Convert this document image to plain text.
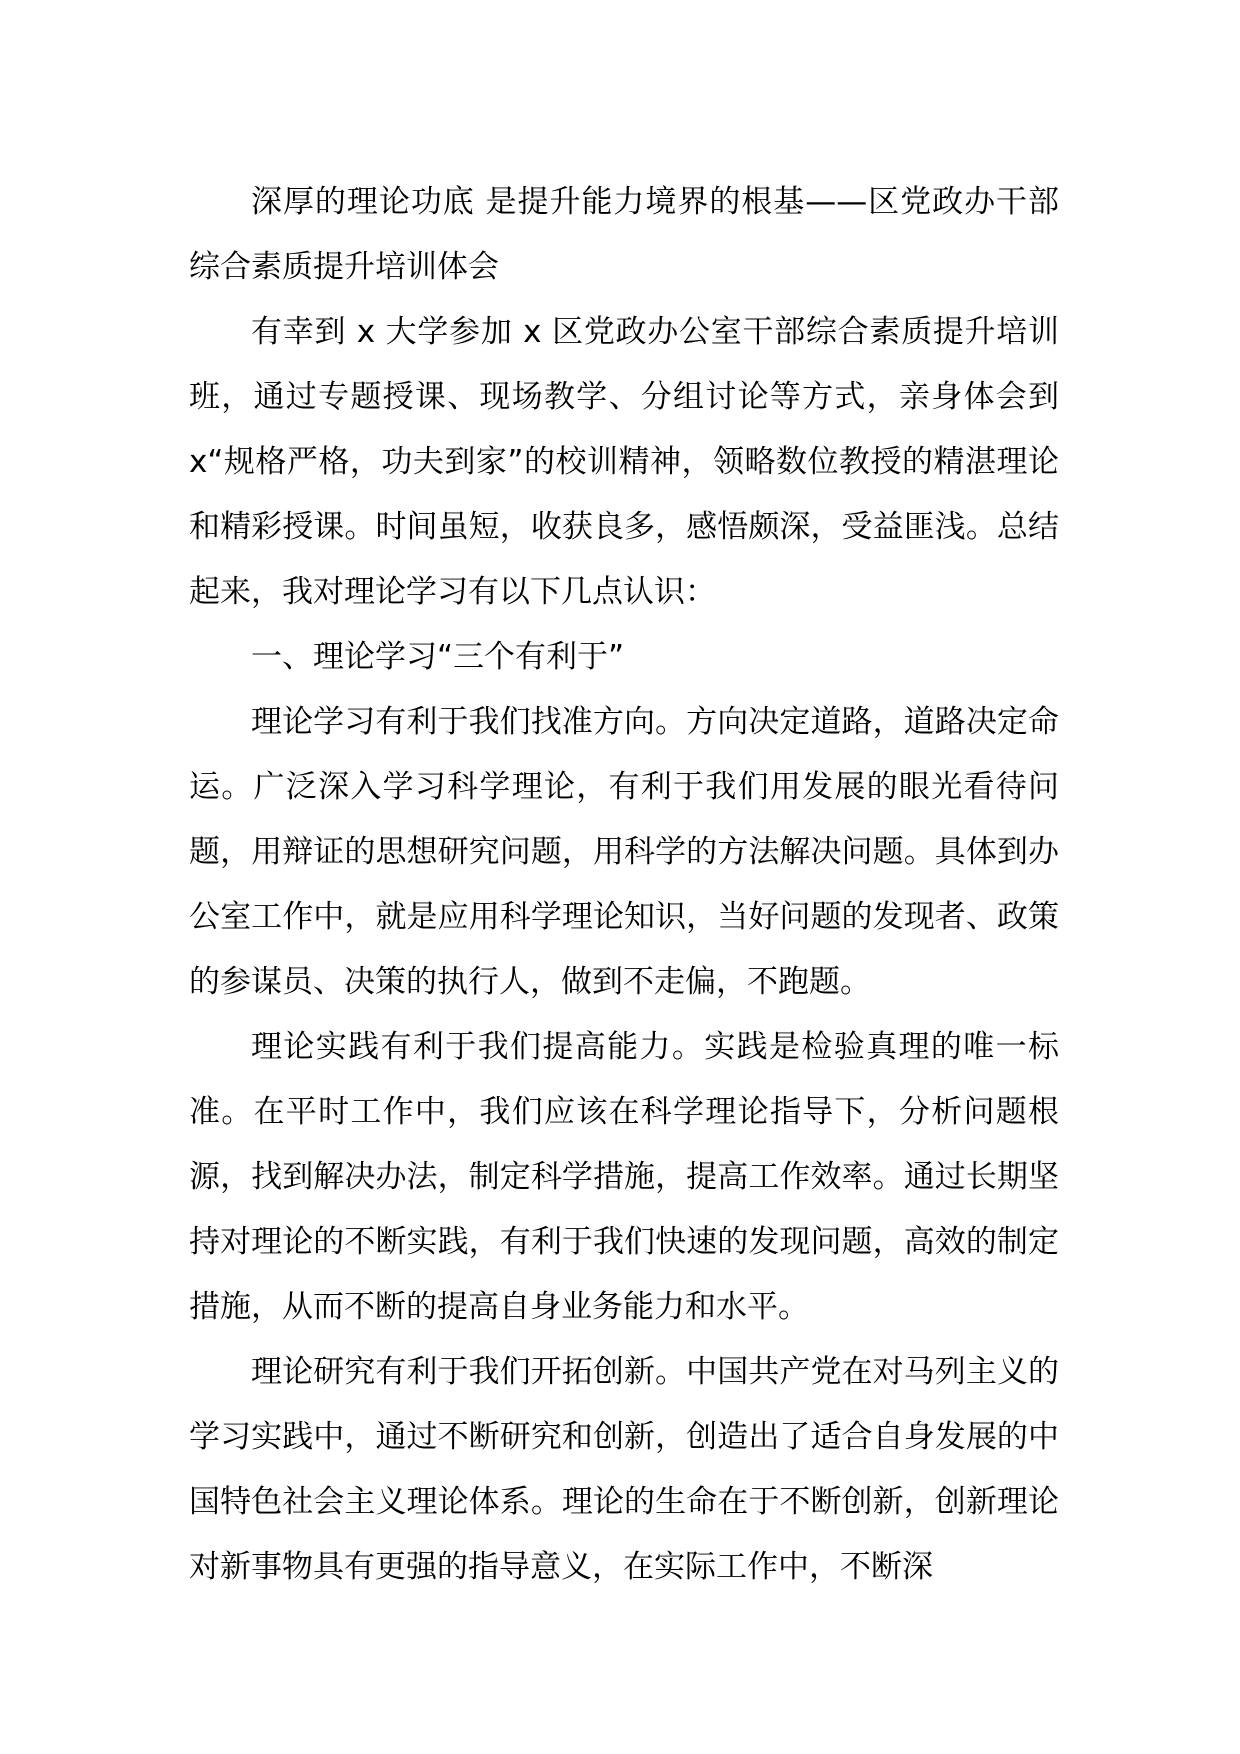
深厚的理论功底 是提升能力境界的根基——区党政办干部综合素质提升培训体会

有幸到 x 大学参加 x 区党政办公室干部综合素质提升培训班，通过专题授课、现场教学、分组讨论等方式，亲身体会到 x“规格严格，功夫到家”的校训精神，领略数位教授的精湛理论和精彩授课。时间虽短，收获良多，感悟颇深，受益匪浅。总结起来，我对理论学习有以下几点认识：

一、理论学习“三个有利于”

理论学习有利于我们找准方向。方向决定道路，道路决定命运。广泛深入学习科学理论，有利于我们用发展的眼光看待问题，用辩证的思想研究问题，用科学的方法解决问题。具体到办公室工作中，就是应用科学理论知识，当好问题的发现者、政策的参谋员、决策的执行人，做到不走偏，不跑题。

理论实践有利于我们提高能力。实践是检验真理的唯一标准。在平时工作中，我们应该在科学理论指导下，分析问题根源，找到解决办法，制定科学措施，提高工作效率。通过长期坚持对理论的不断实践，有利于我们快速的发现问题，高效的制定措施，从而不断的提高自身业务能力和水平。

理论研究有利于我们开拓创新。中国共产党在对马列主义的学习实践中，通过不断研究和创新，创造出了适合自身发展的中国特色社会主义理论体系。理论的生命在于不断创新，创新理论对新事物具有更强的指导意义，在实际工作中，不断深
